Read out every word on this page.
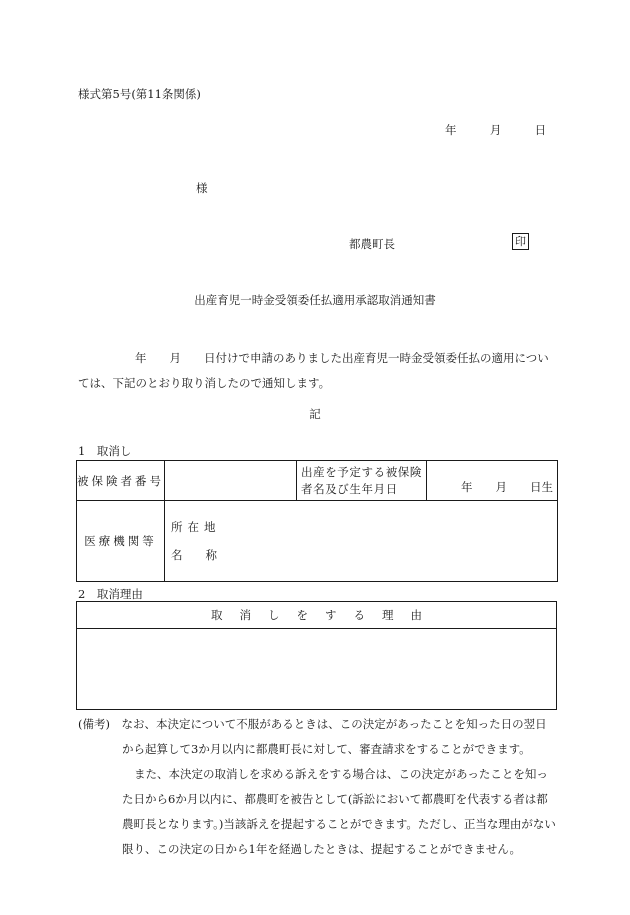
様式第5号(第11条関係)
年	月	日
様
都農町長	印
出産育児一時金受領委任払適用承認取消通知書
　　年　　月　　日付けで申請のありました出産育児一時金受領委任払の適用については、下記のとおり取り消したので通知します。
記
1　取消し
被保険者番号		出産を予定する被保険者名及び生年月日	年　　月　　日生
医療機関等	所在地
名　　称		
2　取消理由
取消しをする理由

(備考)　 なお、本決定について不服があるときは、この決定があったことを知った日の翌日から起算して3か月以内に都農町長に対して、審査請求をすることができます。

また、本決定の取消しを求める訴えをする場合は、この決定があったことを知った日から6か月以内に、都農町を被告として(訴訟において都農町を代表する者は都農町長となります。)当該訴えを提起することができます。ただし、正当な理由がない限り、この決定の日から1年を経過したときは、提起することができません。
